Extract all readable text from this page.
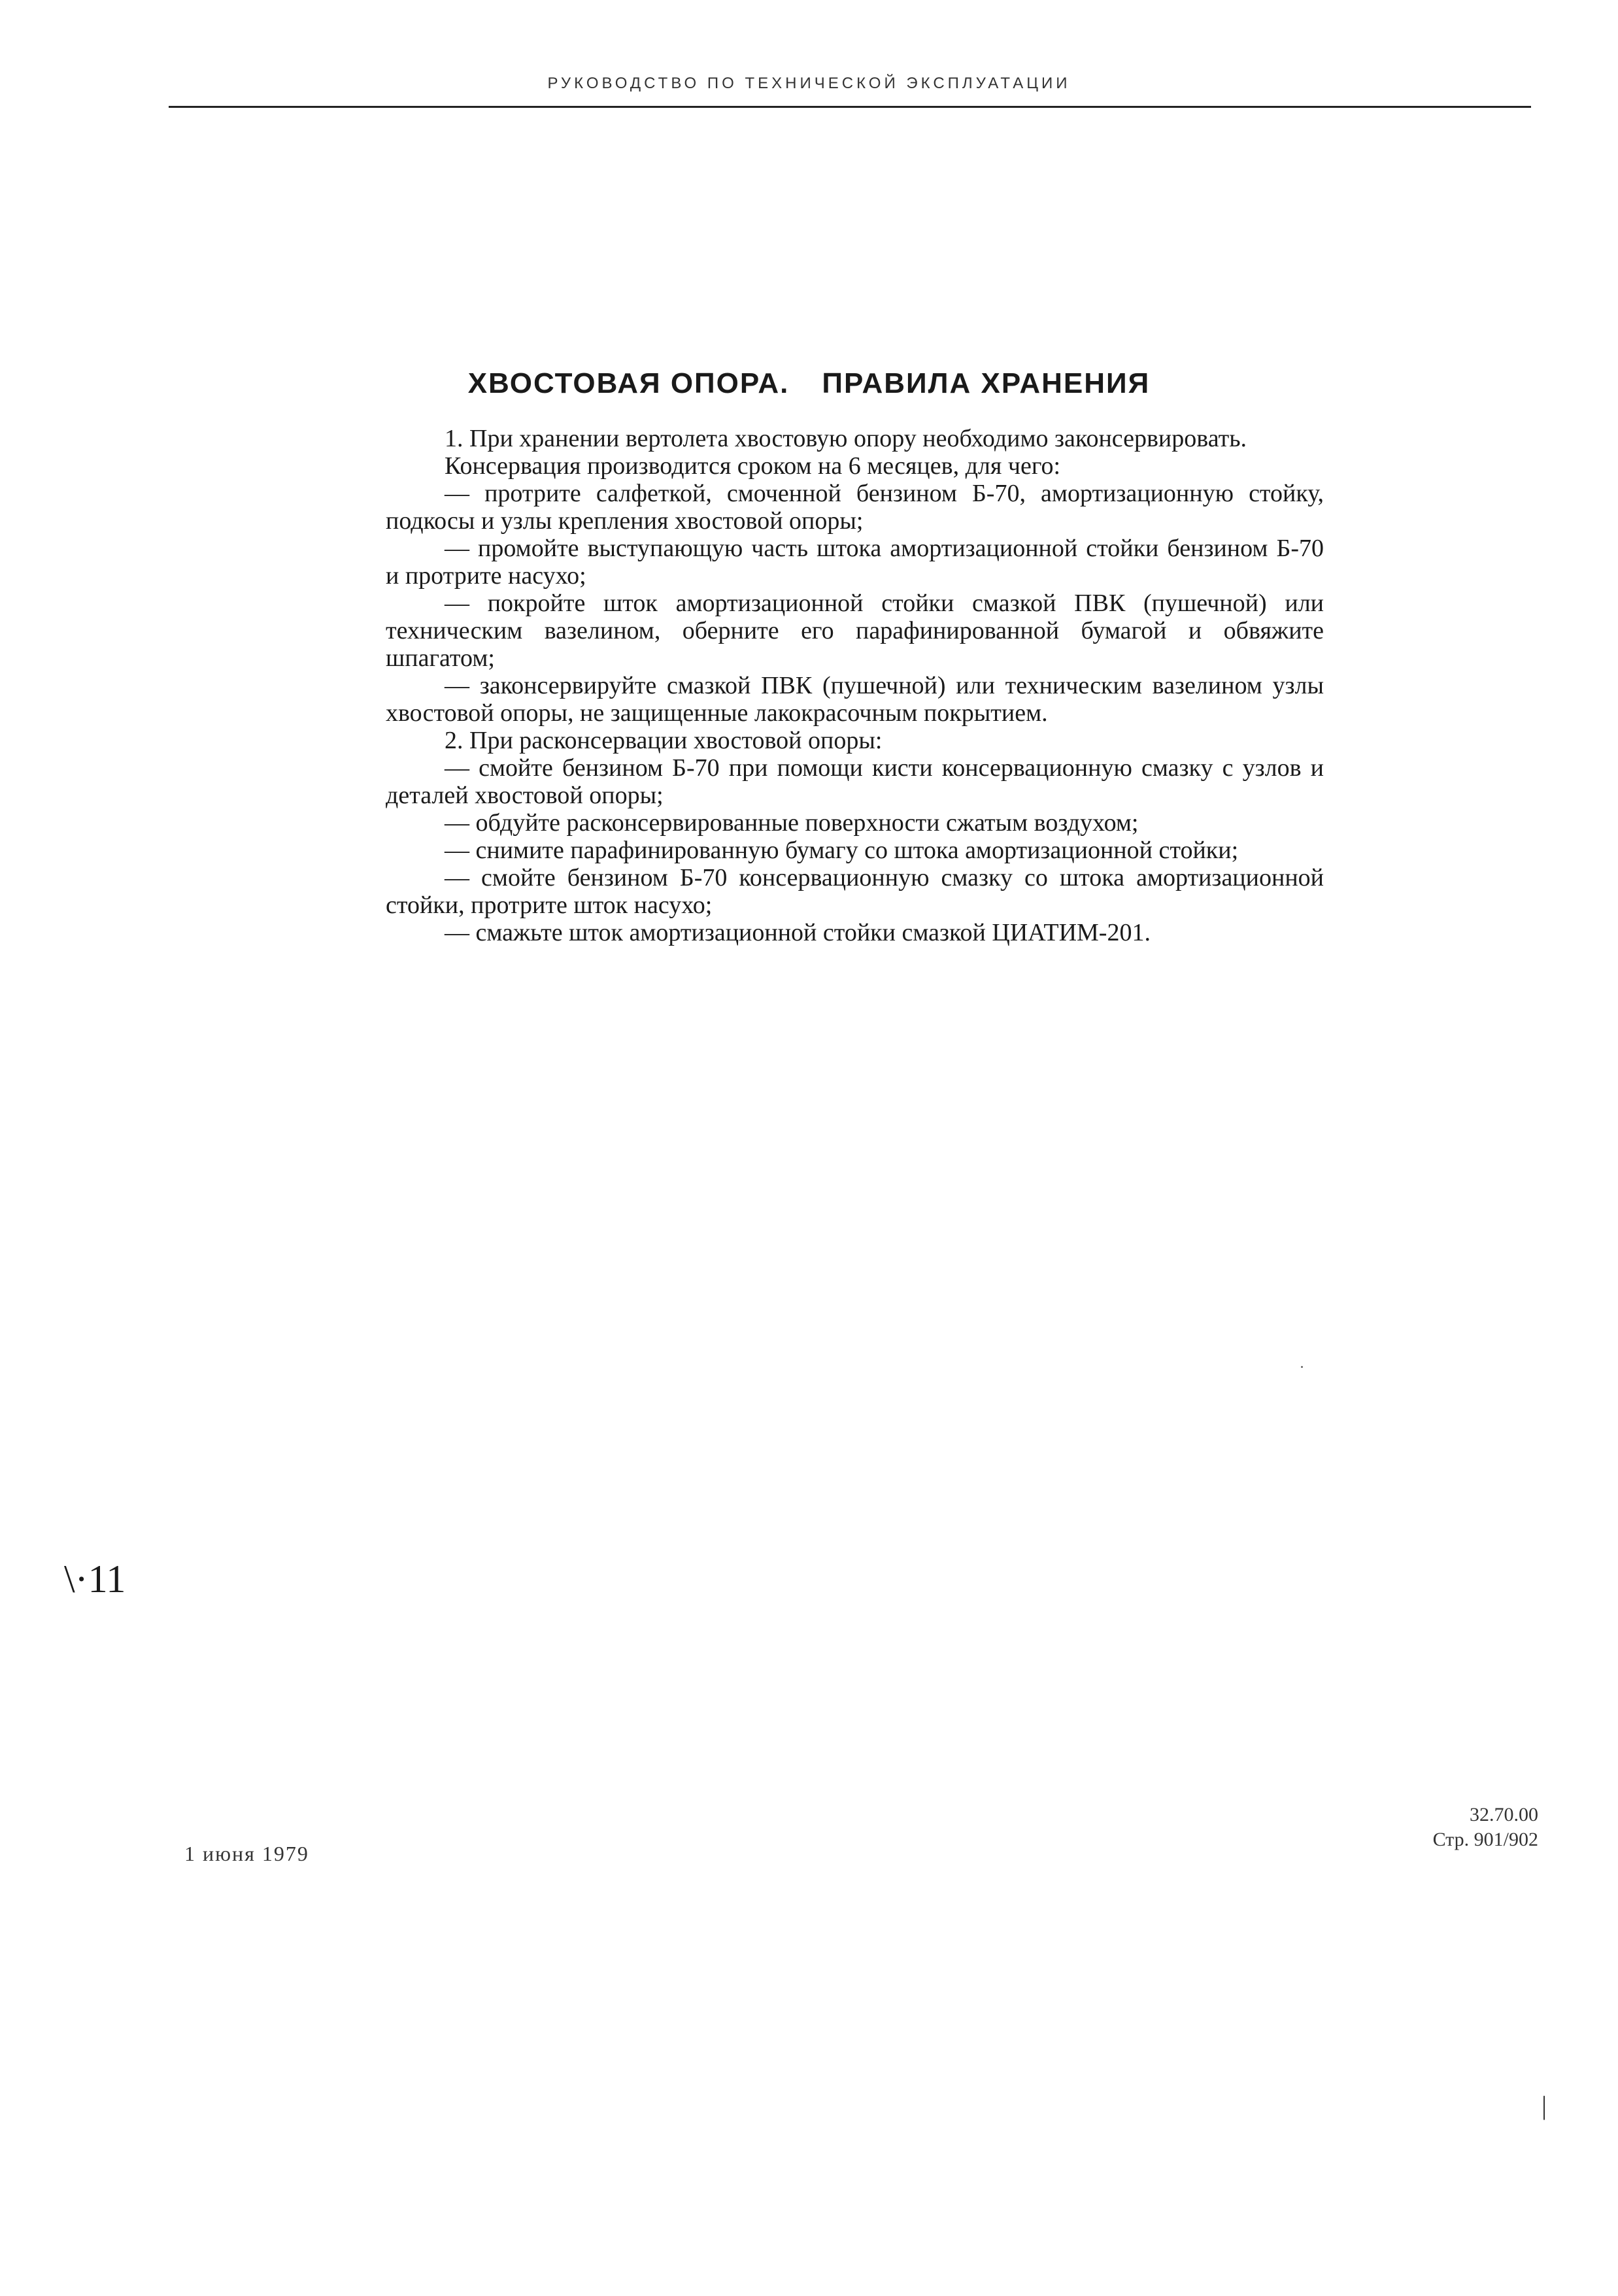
РУКОВОДСТВО ПО ТЕХНИЧЕСКОЙ ЭКСПЛУАТАЦИИ
ХВОСТОВАЯ ОПОРА. ПРАВИЛА ХРАНЕНИЯ
1. При хранении вертолета хвостовую опору необходимо законсервировать.
Консервация производится сроком на 6 месяцев, для чего:
— протрите салфеткой, смоченной бензином Б-70, амортизационную стойку, подкосы и узлы крепления хвостовой опоры;
— промойте выступающую часть штока амортизационной стойки бензином Б-70 и протрите насухо;
— покройте шток амортизационной стойки смазкой ПВК (пушечной) или техническим вазелином, оберните его парафинированной бумагой и обвяжите шпагатом;
— законсервируйте смазкой ПВК (пушечной) или техническим вазелином узлы хвостовой опоры, не защищенные лакокрасочным покрытием.
2. При расконсервации хвостовой опоры:
— смойте бензином Б-70 при помощи кисти консервационную смазку с узлов и деталей хвостовой опоры;
— обдуйте расконсервированные поверхности сжатым воздухом;
— снимите парафинированную бумагу со штока амортизационной стойки;
— смойте бензином Б-70 консервационную смазку со штока амортизационной стойки, протрите шток насухо;
— смажьте шток амортизационной стойки смазкой ЦИАТИМ-201.
\·11
1 июня 1979
32.70.00
Стр. 901/902
|
